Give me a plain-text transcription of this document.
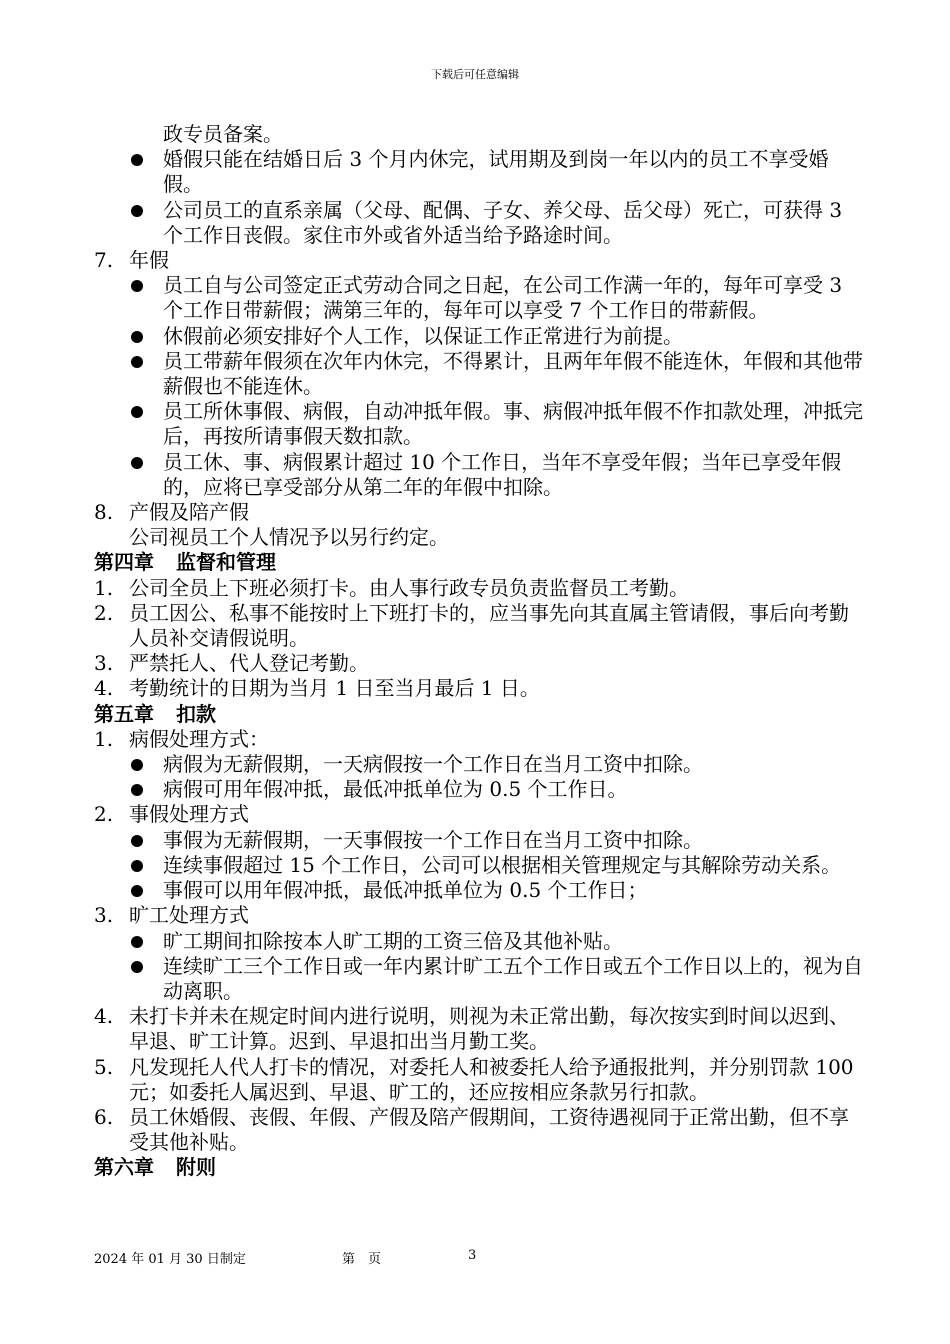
下载后可任意编辑
政专员备案。
婚假只能在结婚日后 3 个月内休完，试用期及到岗一年以内的员工不享受婚假。
公司员工的直系亲属（父母、配偶、子女、养父母、岳父母）死亡，可获得 3 个工作日丧假。家住市外或省外适当给予路途时间。
7. 年假
员工自与公司签定正式劳动合同之日起，在公司工作满一年的，每年可享受 3 个工作日带薪假；满第三年的，每年可以享受 7 个工作日的带薪假。
休假前必须安排好个人工作，以保证工作正常进行为前提。
员工带薪年假须在次年内休完，不得累计，且两年年假不能连休，年假和其他带薪假也不能连休。
员工所休事假、病假，自动冲抵年假。事、病假冲抵年假不作扣款处理，冲抵完后，再按所请事假天数扣款。
员工休、事、病假累计超过 10 个工作日，当年不享受年假；当年已享受年假的，应将已享受部分从第二年的年假中扣除。
8. 产假及陪产假
公司视员工个人情况予以另行约定。
第四章 监督和管理
1. 公司全员上下班必须打卡。由人事行政专员负责监督员工考勤。
2. 员工因公、私事不能按时上下班打卡的，应当事先向其直属主管请假，事后向考勤人员补交请假说明。
3. 严禁托人、代人登记考勤。
4. 考勤统计的日期为当月 1 日至当月最后 1 日。
第五章 扣款
1. 病假处理方式：
病假为无薪假期，一天病假按一个工作日在当月工资中扣除。
病假可用年假冲抵，最低冲抵单位为 0.5 个工作日。
2. 事假处理方式
事假为无薪假期，一天事假按一个工作日在当月工资中扣除。
连续事假超过 15 个工作日，公司可以根据相关管理规定与其解除劳动关系。
事假可以用年假冲抵，最低冲抵单位为 0.5 个工作日；
3. 旷工处理方式
旷工期间扣除按本人旷工期的工资三倍及其他补贴。
连续旷工三个工作日或一年内累计旷工五个工作日或五个工作日以上的，视为自动离职。
4. 未打卡并未在规定时间内进行说明，则视为未正常出勤，每次按实到时间以迟到、早退、旷工计算。迟到、早退扣出当月勤工奖。
5. 凡发现托人代人打卡的情况，对委托人和被委托人给予通报批判，并分别罚款 100 元；如委托人属迟到、早退、旷工的，还应按相应条款另行扣款。
6. 员工休婚假、丧假、年假、产假及陪产假期间，工资待遇视同于正常出勤，但不享受其他补贴。
第六章 附则
2024 年 01 月 30 日制定	第　页	3
